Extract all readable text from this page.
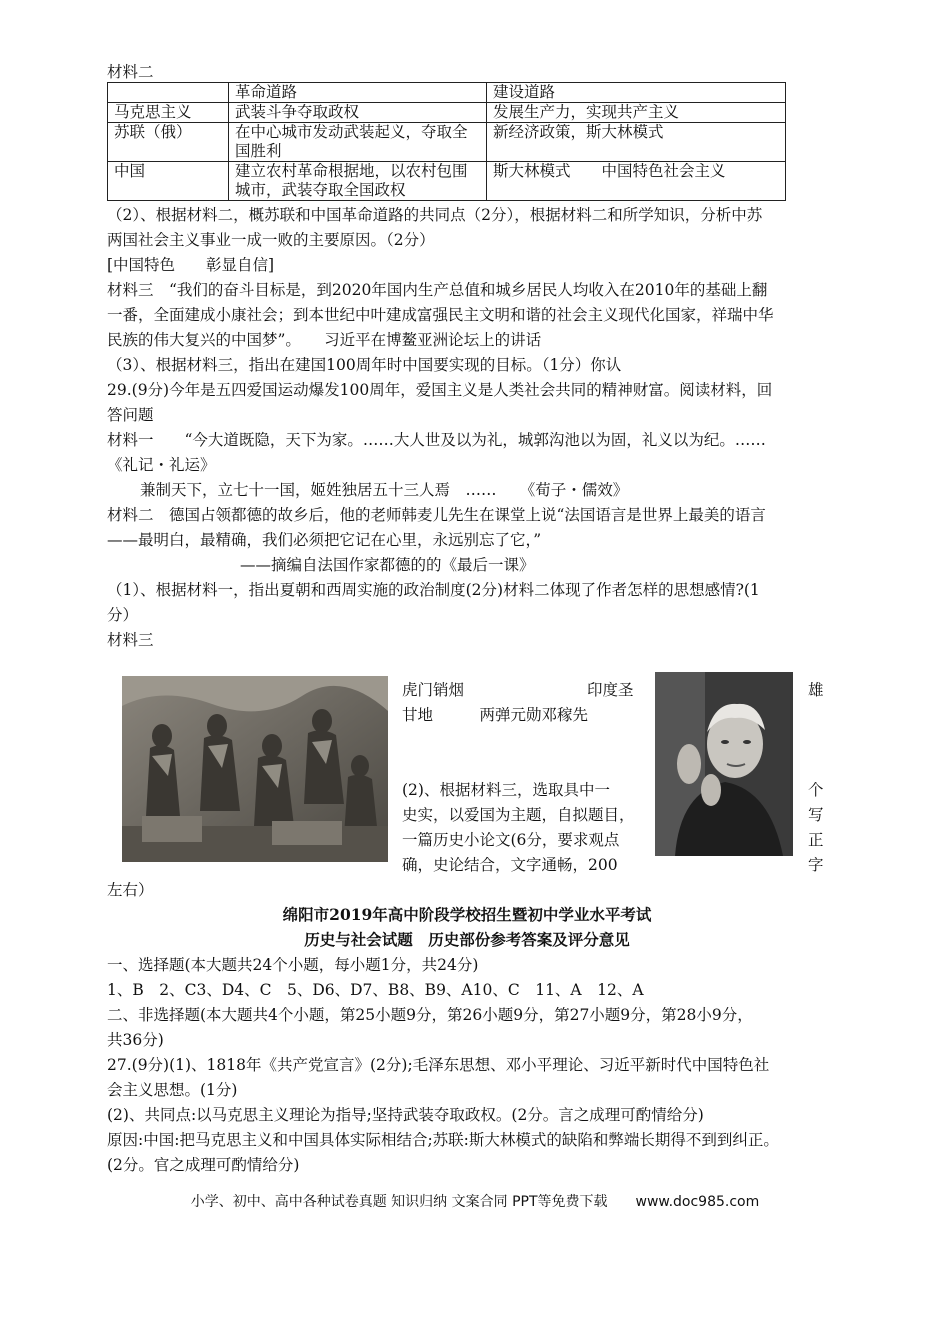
材料二
	革命道路	建设道路
马克思主义	武装斗争夺取政权	发展生产力，实现共产主义
苏联（俄）	在中心城市发动武装起义，夺取全国胜利	新经济政策，斯大林模式
中国	建立农村革命根据地，以农村包围城市，武装夺取全国政权	斯大林模式　　中国特色社会主义
（2）、根据材料二，概苏联和中国革命道路的共同点（2分），根据材料二和所学知识，分析中苏
两国社会主义事业一成一败的主要原因。（2分）
[中国特色　　彰显自信]
材料三　“我们的奋斗目标是，到2020年国内生产总值和城乡居民人均收入在2010年的基础上翻
一番，全面建成小康社会；到本世纪中叶建成富强民主文明和谐的社会主义现代化国家，祥瑞中华
民族的伟大复兴的中国梦”。　　习近平在博鳌亚洲论坛上的讲话
（3）、根据材料三，指出在建国100周年时中国要实现的目标。（1分）你认
29.(9分)今年是五四爱国运动爆发100周年，爱国主义是人类社会共同的精神财富。阅读材料，回
答问题
材料一　　“今大道既隐，天下为家。……大人世及以为礼，城郭沟池以为固，礼义以为纪。……
《礼记・礼运》
兼制天下，立七十一国，姬姓独居五十三人焉　……　　《荀子・儒效》
材料二　德国占领都德的故乡后，他的老师韩麦儿先生在课堂上说“法国语言是世界上最美的语言
——最明白，最精确，我们必须把它记在心里，永远别忘了它，”
——摘编自法国作家都德的的《最后一课》
（1）、根据材料一，指出夏朝和西周实施的政治制度(2分)材料二体现了作者怎样的思想感情?(1
分）
材料三
虎门销烟	印度圣	雄
甘地　　　两弹元勋邓稼先
(2)、根据材料三，选取具中一	个
史实，以爱国为主题，自拟题目，	写
一篇历史小论文(6分，要求观点	正
确，史论结合，文字通畅，200	字
左右）
绵阳市2019年高中阶段学校招生暨初中学业水平考试
历史与社会试题　历史部份参考答案及评分意见
一、选择题(本大题共24个小题，每小题1分，共24分)
1、B　2、C3、D4、C　5、D6、D7、B8、B9、A10、C　11、A　12、A
二、非选择题(本大题共4个小题，第25小题9分，第26小题9分，第27小题9分，第28小9分，
共36分)
27.(9分)(1)、1818年《共产党宣言》(2分);毛泽东思想、邓小平理论、习近平新时代中国特色社
会主义思想。(1分)
(2)、共同点:以马克思主义理论为指导;坚持武装夺取政权。(2分。言之成理可酌情给分)
原因:中国:把马克思主义和中国具体实际相结合;苏联:斯大林模式的缺陷和弊端长期得不到到纠正。
(2分。官之成理可酌情给分)
小学、初中、高中各种试卷真题 知识归纳 文案合同 PPT等免费下载　　www.doc985.com
